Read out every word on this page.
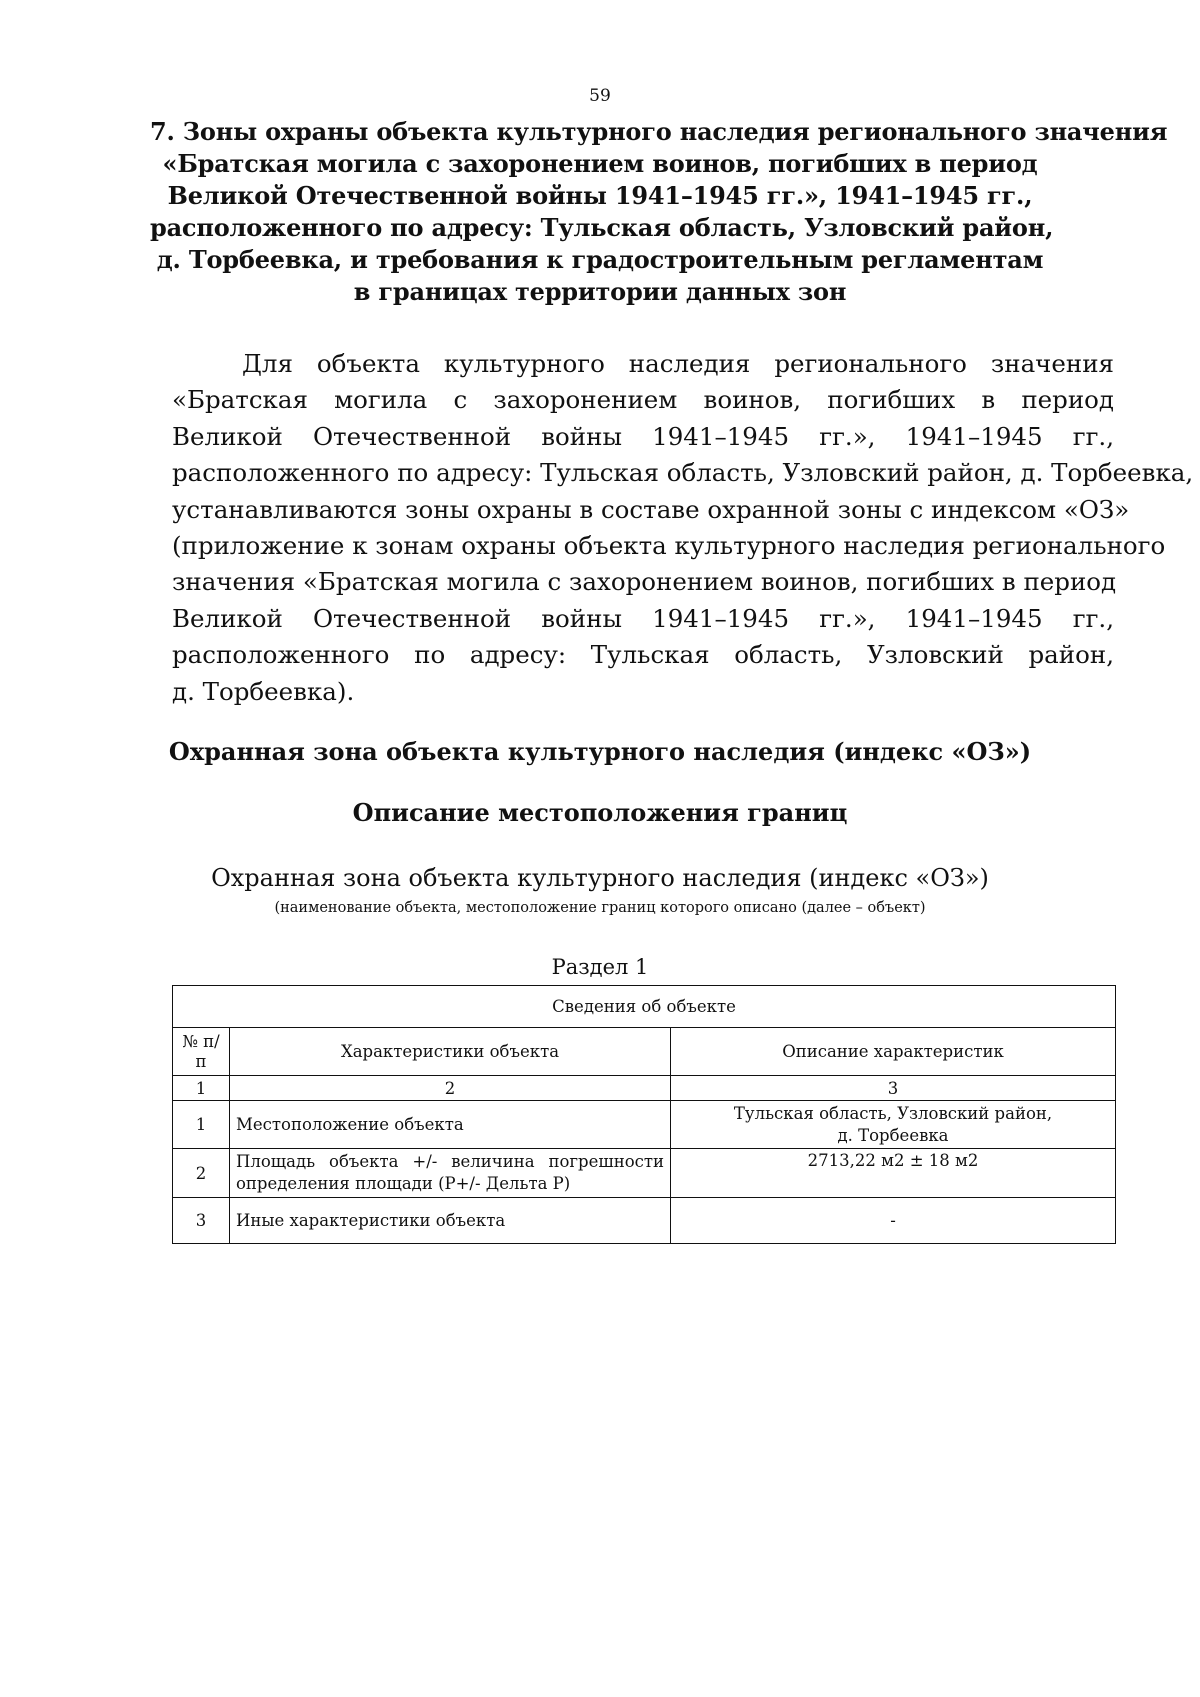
59
7. Зоны охраны объекта культурного наследия регионального значения
«Братская могила с захоронением воинов, погибших в период
Великой Отечественной войны 1941–1945 гг.», 1941–1945 гг.,
расположенного по адресу: Тульская область, Узловский район,
д. Торбеевка, и требования к градостроительным регламентам
в границах территории данных зон
Для объекта культурного наследия регионального значения
«Братская могила с захоронением воинов, погибших в период
Великой Отечественной войны 1941–1945 гг.», 1941–1945 гг.,
расположенного по адресу: Тульская область, Узловский район, д. Торбеевка,
устанавливаются зоны охраны в составе охранной зоны с индексом «ОЗ»
(приложение к зонам охраны объекта культурного наследия регионального
значения «Братская могила с захоронением воинов, погибших в период
Великой Отечественной войны 1941–1945 гг.», 1941–1945 гг.,
расположенного по адресу: Тульская область, Узловский район,
д. Торбеевка).
Охранная зона объекта культурного наследия (индекс «ОЗ»)
Описание местоположения границ
Охранная зона объекта культурного наследия (индекс «ОЗ»)
(наименование объекта, местоположение границ которого описано (далее – объект)
Раздел 1
Сведения об объекте		
№ п/п	Характеристики объекта	Описание характеристик
1	2	3
1	Местоположение объекта	Тульская область, Узловский район, д. Торбеевка
2	Площадь объекта +/- величина погрешности определения площади (Р+/- Дельта Р)	2713,22 м2 ± 18 м2
3	Иные характеристики объекта	-
